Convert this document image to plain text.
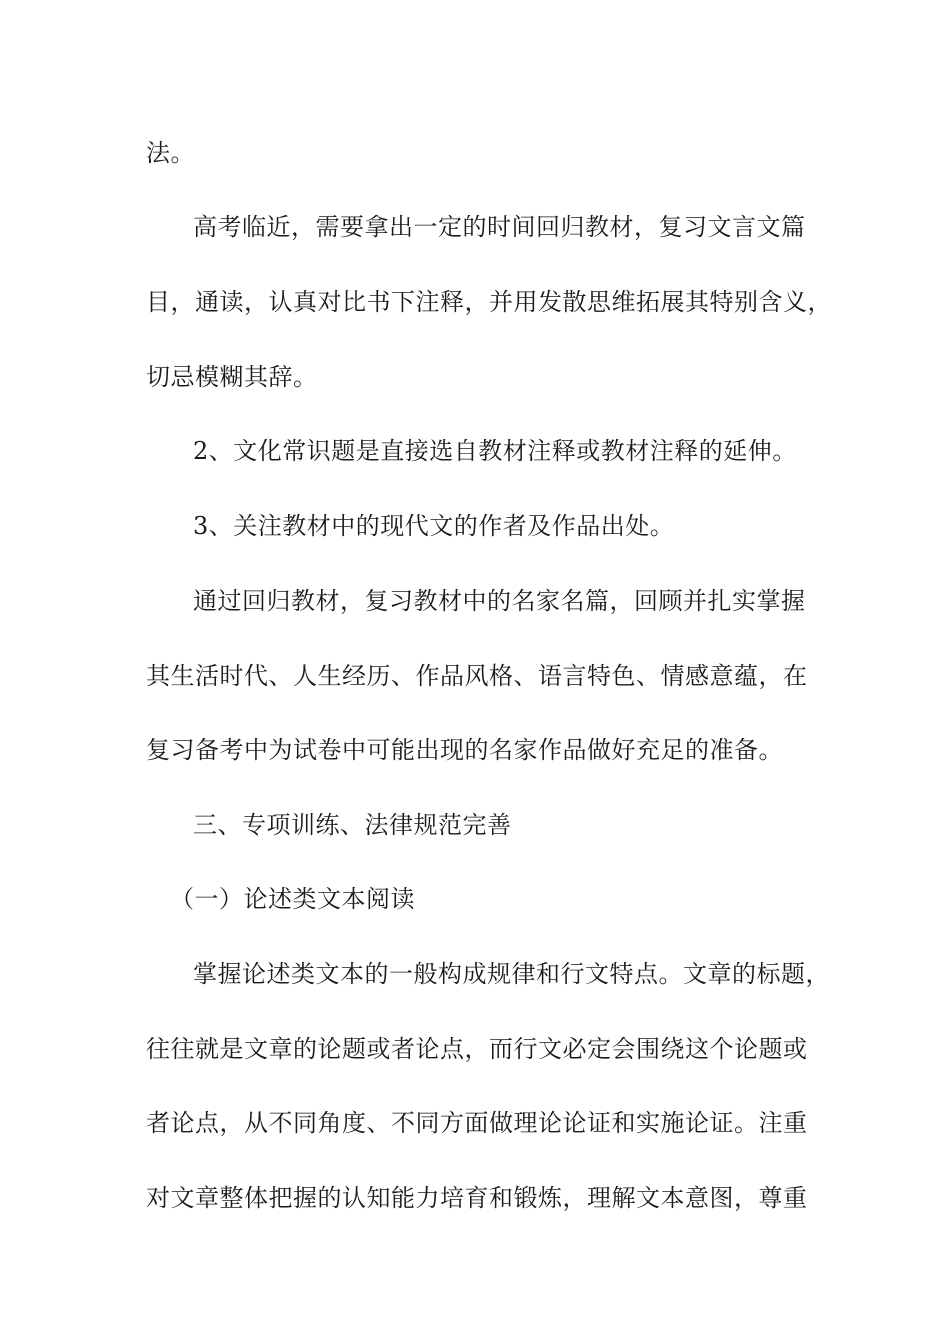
法。
高考临近，需要拿出一定的时间回归教材，复习文言文篇
目，通读，认真对比书下注释，并用发散思维拓展其特别含义，
切忌模糊其辞。
2、文化常识题是直接选自教材注释或教材注释的延伸。
3、关注教材中的现代文的作者及作品出处。
通过回归教材，复习教材中的名家名篇，回顾并扎实掌握
其生活时代、人生经历、作品风格、语言特色、情感意蕴，在
复习备考中为试卷中可能出现的名家作品做好充足的准备。
三、专项训练、法律规范完善
（一）论述类文本阅读
掌握论述类文本的一般构成规律和行文特点。文章的标题，
往往就是文章的论题或者论点，而行文必定会围绕这个论题或
者论点，从不同角度、不同方面做理论论证和实施论证。注重
对文章整体把握的认知能力培育和锻炼，理解文本意图，尊重
